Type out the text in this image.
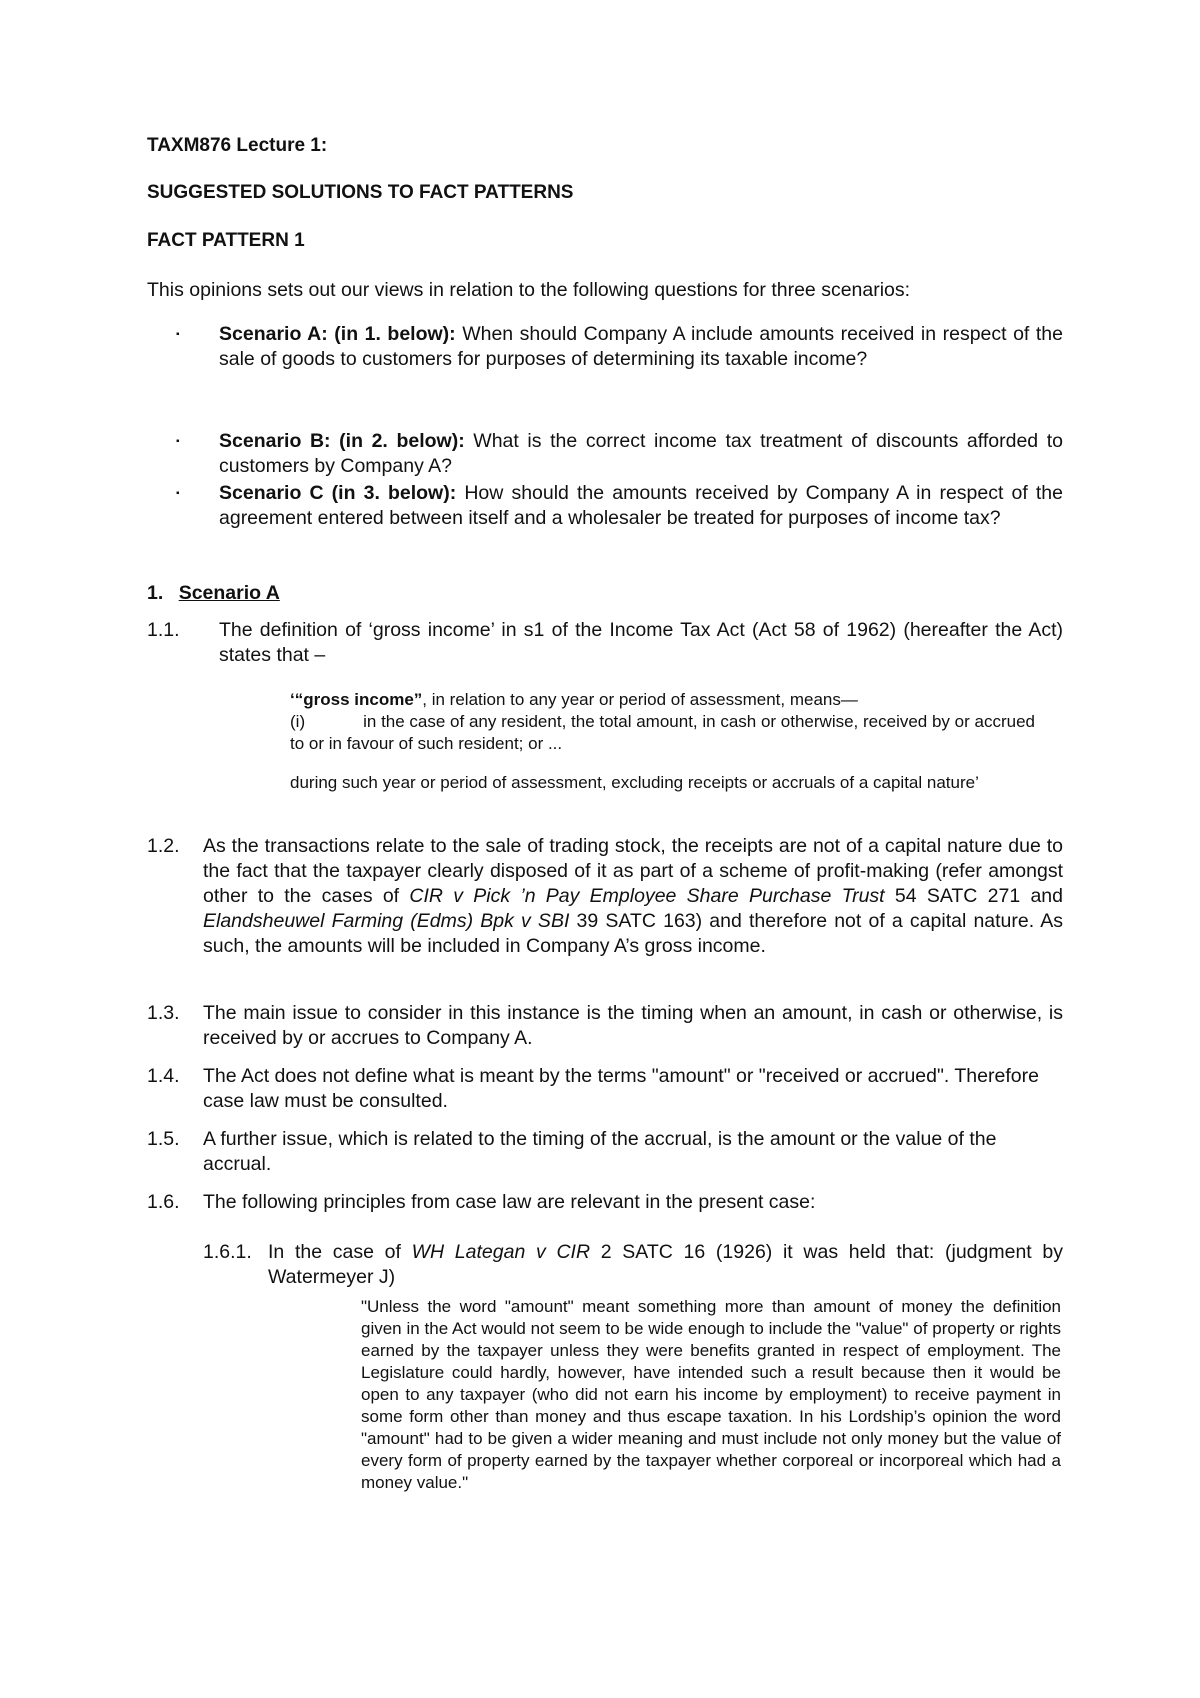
TAXM876 Lecture 1:

SUGGESTED SOLUTIONS TO FACT PATTERNS

FACT PATTERN 1

This opinions sets out our views in relation to the following questions for three scenarios:

▪ Scenario A: (in 1. below): When should Company A include amounts received in respect of the sale of goods to customers for purposes of determining its taxable income?

▪ Scenario B: (in 2. below): What is the correct income tax treatment of discounts afforded to customers by Company A?

▪ Scenario C (in 3. below): How should the amounts received by Company A in respect of the agreement entered between itself and a wholesaler be treated for purposes of income tax?

1. Scenario A

1.1. The definition of ‘gross income’ in s1 of the Income Tax Act (Act 58 of 1962) (hereafter the Act) states that –

‘“gross income”, in relation to any year or period of assessment, means—

(i)	in the case of any resident, the total amount, in cash or otherwise, received by or accrued to or in favour of such resident; or ...

during such year or period of assessment, excluding receipts or accruals of a capital nature’

1.2. As the transactions relate to the sale of trading stock, the receipts are not of a capital nature due to the fact that the taxpayer clearly disposed of it as part of a scheme of profit-making (refer amongst other to the cases of CIR v Pick ’n Pay Employee Share Purchase Trust 54 SATC 271 and Elandsheuwel Farming (Edms) Bpk v SBI 39 SATC 163) and therefore not of a capital nature. As such, the amounts will be included in Company A’s gross income.

1.3. The main issue to consider in this instance is the timing when an amount, in cash or otherwise, is received by or accrues to Company A.

1.4. The Act does not define what is meant by the terms "amount" or "received or accrued". Therefore case law must be consulted.

1.5. A further issue, which is related to the timing of the accrual, is the amount or the value of the accrual.

1.6. The following principles from case law are relevant in the present case:

1.6.1. In the case of WH Lategan v CIR 2 SATC 16 (1926) it was held that: (judgment by Watermeyer J)

"Unless the word "amount" meant something more than amount of money the definition given in the Act would not seem to be wide enough to include the "value" of property or rights earned by the taxpayer unless they were benefits granted in respect of employment. The Legislature could hardly, however, have intended such a result because then it would be open to any taxpayer (who did not earn his income by employment) to receive payment in some form other than money and thus escape taxation. In his Lordship’s opinion the word "amount" had to be given a wider meaning and must include not only money but the value of every form of property earned by the taxpayer whether corporeal or incorporeal which had a money value."
